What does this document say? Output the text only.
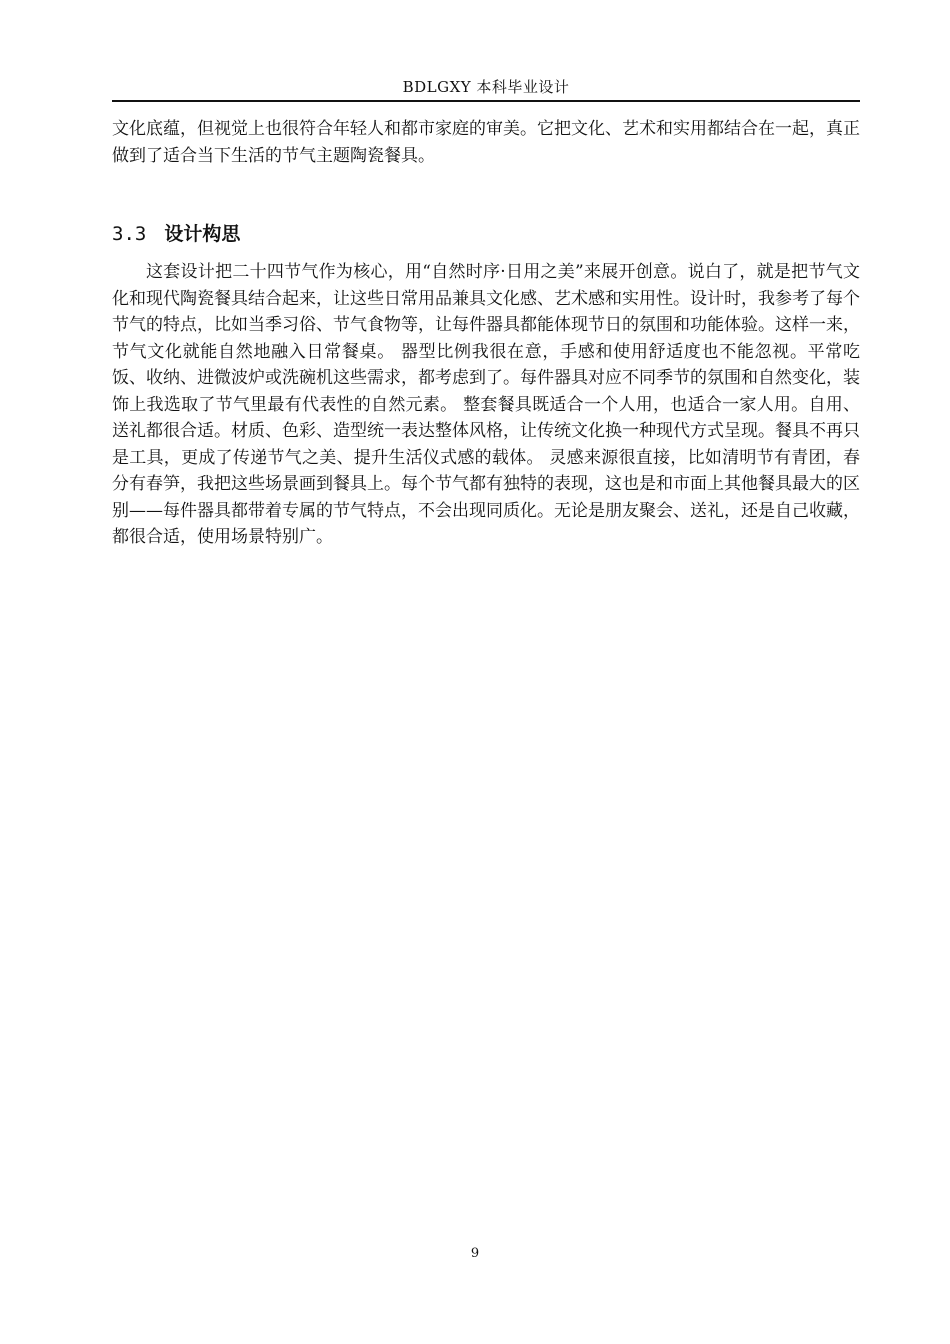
BDLGXY 本科毕业设计

文化底蕴，但视觉上也很符合年轻人和都市家庭的审美。它把文化、艺术和实用都结合在一起，真正做到了适合当下生活的节气主题陶瓷餐具。

3.3 设计构思

这套设计把二十四节气作为核心，用“自然时序·日用之美”来展开创意。说白了，就是把节气文化和现代陶瓷餐具结合起来，让这些日常用品兼具文化感、艺术感和实用性。设计时，我参考了每个节气的特点，比如当季习俗、节气食物等，让每件器具都能体现节日的氛围和功能体验。这样一来，节气文化就能自然地融入日常餐桌。 器型比例我很在意，手感和使用舒适度也不能忽视。平常吃饭、收纳、进微波炉或洗碗机这些需求，都考虑到了。每件器具对应不同季节的氛围和自然变化，装饰上我选取了节气里最有代表性的自然元素。 整套餐具既适合一个人用，也适合一家人用。自用、送礼都很合适。材质、色彩、造型统一表达整体风格，让传统文化换一种现代方式呈现。餐具不再只是工具，更成了传递节气之美、提升生活仪式感的载体。 灵感来源很直接，比如清明节有青团，春分有春笋，我把这些场景画到餐具上。每个节气都有独特的表现，这也是和市面上其他餐具最大的区别——每件器具都带着专属的节气特点，不会出现同质化。无论是朋友聚会、送礼，还是自己收藏，都很合适，使用场景特别广。

9
